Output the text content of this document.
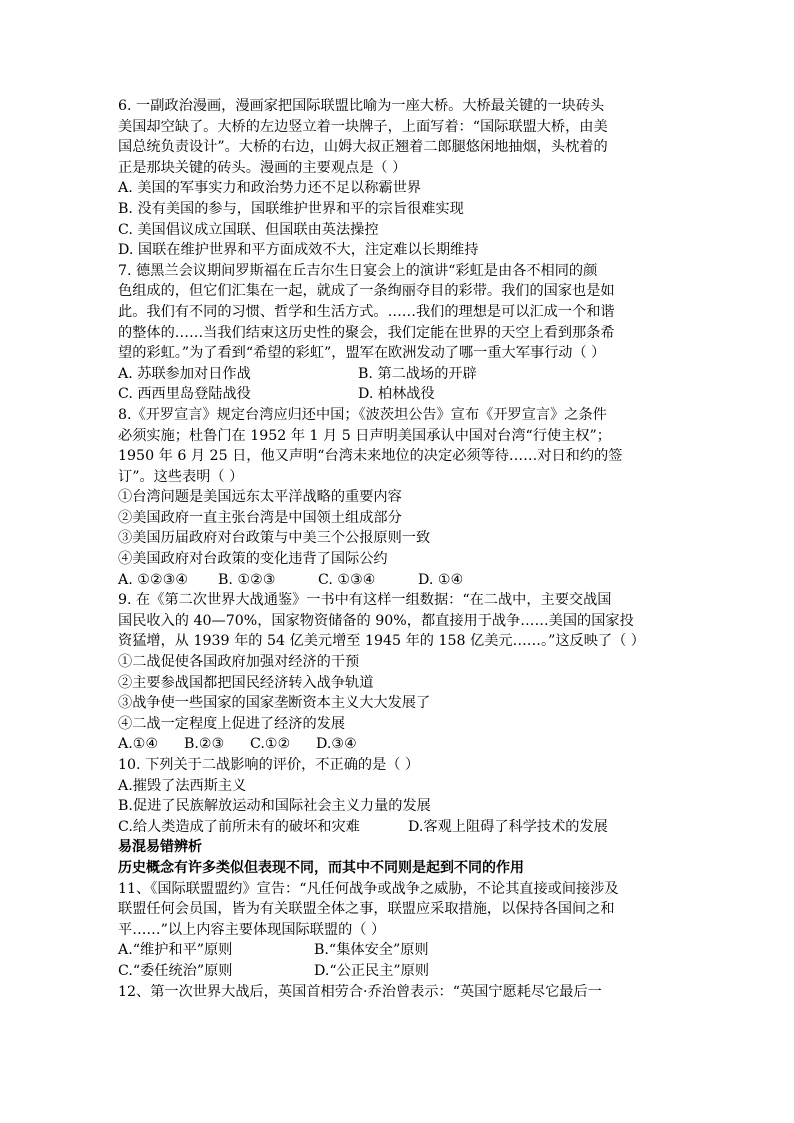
6. 一副政治漫画，漫画家把国际联盟比喻为一座大桥。大桥最关键的一块砖头
美国却空缺了。大桥的左边竖立着一块牌子，上面写着：“国际联盟大桥，由美
国总统负责设计”。大桥的右边，山姆大叔正翘着二郎腿悠闲地抽烟，头枕着的
正是那块关键的砖头。漫画的主要观点是（ ）
A. 美国的军事实力和政治势力还不足以称霸世界
B. 没有美国的参与，国联维护世界和平的宗旨很难实现
C. 美国倡议成立国联、但国联由英法操控
D. 国联在维护世界和平方面成效不大，注定难以长期维持
7. 德黑兰会议期间罗斯福在丘吉尔生日宴会上的演讲“彩虹是由各不相同的颜
色组成的，但它们汇集在一起，就成了一条绚丽夺目的彩带。我们的国家也是如
此。我们有不同的习惯、哲学和生活方式。……我们的理想是可以汇成一个和谐
的整体的……当我们结束这历史性的聚会，我们定能在世界的天空上看到那条希
望的彩虹。”为了看到“希望的彩虹”，盟军在欧洲发动了哪一重大军事行动（ ）
A. 苏联参加对日作战	B. 第二战场的开辟
C. 西西里岛登陆战役	D. 柏林战役
8.《开罗宣言》规定台湾应归还中国；《波茨坦公告》宣布《开罗宣言》之条件
必须实施；杜鲁门在 1952 年 1 月 5 日声明美国承认中国对台湾“行使主权”；
1950 年 6 月 25 日，他又声明“台湾未来地位的决定必须等待……对日和约的签
订”。这些表明（ ）
①台湾问题是美国远东太平洋战略的重要内容
②美国政府一直主张台湾是中国领土组成部分
③美国历届政府对台政策与中美三个公报原则一致
④美国政府对台政策的变化违背了国际公约
A. ①②③④	B. ①②③	C. ①③④	D. ①④
9. 在《第二次世界大战通鉴》一书中有这样一组数据：“在二战中，主要交战国
国民收入的 40—70%，国家物资储备的 90%，都直接用于战争……美国的国家投
资猛增，从 1939 年的 54 亿美元增至 1945 年的 158 亿美元……。”这反映了（ ）
①二战促使各国政府加强对经济的干预
②主要参战国都把国民经济转入战争轨道
③战争使一些国家的国家垄断资本主义大大发展了
④二战一定程度上促进了经济的发展
A.①④	B.②③	C.①②	D.③④
10. 下列关于二战影响的评价，不正确的是（ ）
A.摧毁了法西斯主义
B.促进了民族解放运动和国际社会主义力量的发展
C.给人类造成了前所未有的破坏和灾难	D.客观上阻碍了科学技术的发展
易混易错辨析
历史概念有许多类似但表现不同，而其中不同则是起到不同的作用
11、《国际联盟盟约》宣告：“凡任何战争或战争之威胁，不论其直接或间接涉及
联盟任何会员国，皆为有关联盟全体之事，联盟应采取措施，以保持各国间之和
平……”以上内容主要体现国际联盟的（ ）
A.“维护和平”原则	B.“集体安全”原则
C.“委任统治”原则	D.“公正民主”原则
12、第一次世界大战后，英国首相劳合·乔治曾表示：“英国宁愿耗尽它最后一
